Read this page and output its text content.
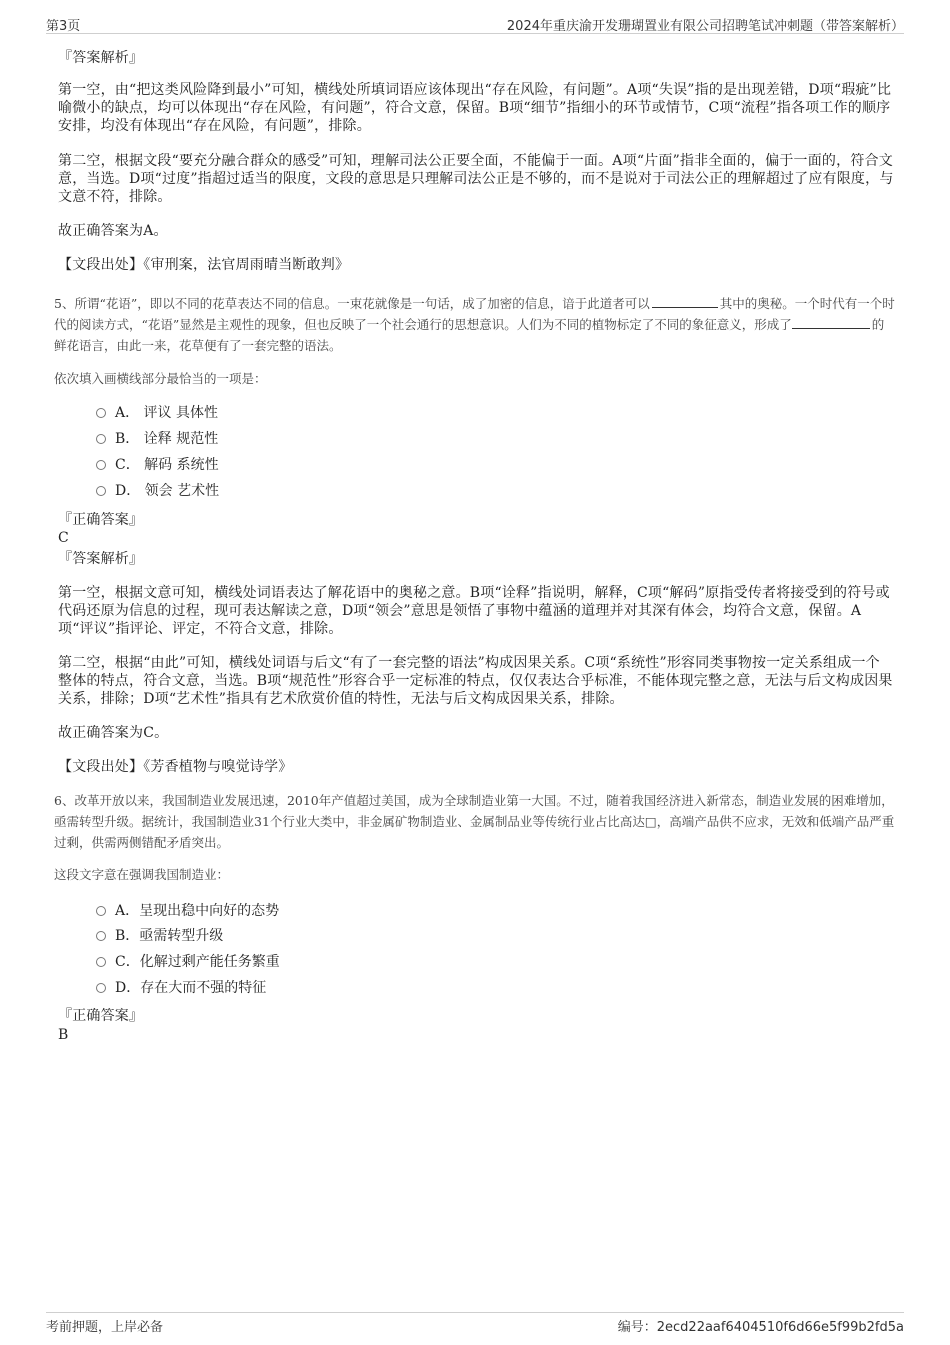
第3页	2024年重庆渝开发珊瑚置业有限公司招聘笔试冲刺题（带答案解析）
『答案解析』
第一空，由“把这类风险降到最小”可知，横线处所填词语应该体现出“存在风险，有问题”。A项“失误”指的是出现差错，D项“瑕疵”比喻微小的缺点，均可以体现出“存在风险，有问题”，符合文意，保留。B项“细节”指细小的环节或情节，C项“流程”指各项工作的顺序安排，均没有体现出“存在风险，有问题”，排除。
第二空，根据文段“要充分融合群众的感受”可知，理解司法公正要全面，不能偏于一面。A项“片面”指非全面的，偏于一面的，符合文意，当选。D项“过度”指超过适当的限度，文段的意思是只理解司法公正是不够的，而不是说对于司法公正的理解超过了应有限度，与文意不符，排除。
故正确答案为A。
【文段出处】《审刑案，法官周雨晴当断敢判》
5、所谓“花语”，即以不同的花草表达不同的信息。一束花就像是一句话，成了加密的信息，谙于此道者可以	其中的奥秘。一个时代有一个时代的阅读方式，“花语”显然是主观性的现象，但也反映了一个社会通行的思想意识。人们为不同的植物标定了不同的象征意义，形成了	的鲜花语言，由此一来，花草便有了一套完整的语法。
依次填入画横线部分最恰当的一项是：
A． 评议 具体性
B． 诠释 规范性
C． 解码 系统性
D． 领会 艺术性
『正确答案』
C
『答案解析』
第一空，根据文意可知，横线处词语表达了解花语中的奥秘之意。B项“诠释”指说明，解释，C项“解码”原指受传者将接受到的符号或代码还原为信息的过程，现可表达解读之意，D项“领会”意思是领悟了事物中蕴涵的道理并对其深有体会，均符合文意，保留。A项“评议”指评论、评定，不符合文意，排除。
第二空，根据“由此”可知，横线处词语与后文“有了一套完整的语法”构成因果关系。C项“系统性”形容同类事物按一定关系组成一个整体的特点，符合文意，当选。B项“规范性”形容合乎一定标准的特点，仅仅表达合乎标准，不能体现完整之意，无法与后文构成因果关系，排除；D项“艺术性”指具有艺术欣赏价值的特性，无法与后文构成因果关系，排除。
故正确答案为C。
【文段出处】《芳香植物与嗅觉诗学》
6、改革开放以来，我国制造业发展迅速，2010年产值超过美国，成为全球制造业第一大国。不过，随着我国经济进入新常态，制造业发展的困难增加，亟需转型升级。据统计，我国制造业31个行业大类中，非金属矿物制造业、金属制品业等传统行业占比高达□，高端产品供不应求，无效和低端产品严重过剩，供需两侧错配矛盾突出。
这段文字意在强调我国制造业：
A．呈现出稳中向好的态势
B．亟需转型升级
C．化解过剩产能任务繁重
D．存在大而不强的特征
『正确答案』
B
考前押题，上岸必备	编号：2ecd22aaf6404510f6d66e5f99b2fd5a
